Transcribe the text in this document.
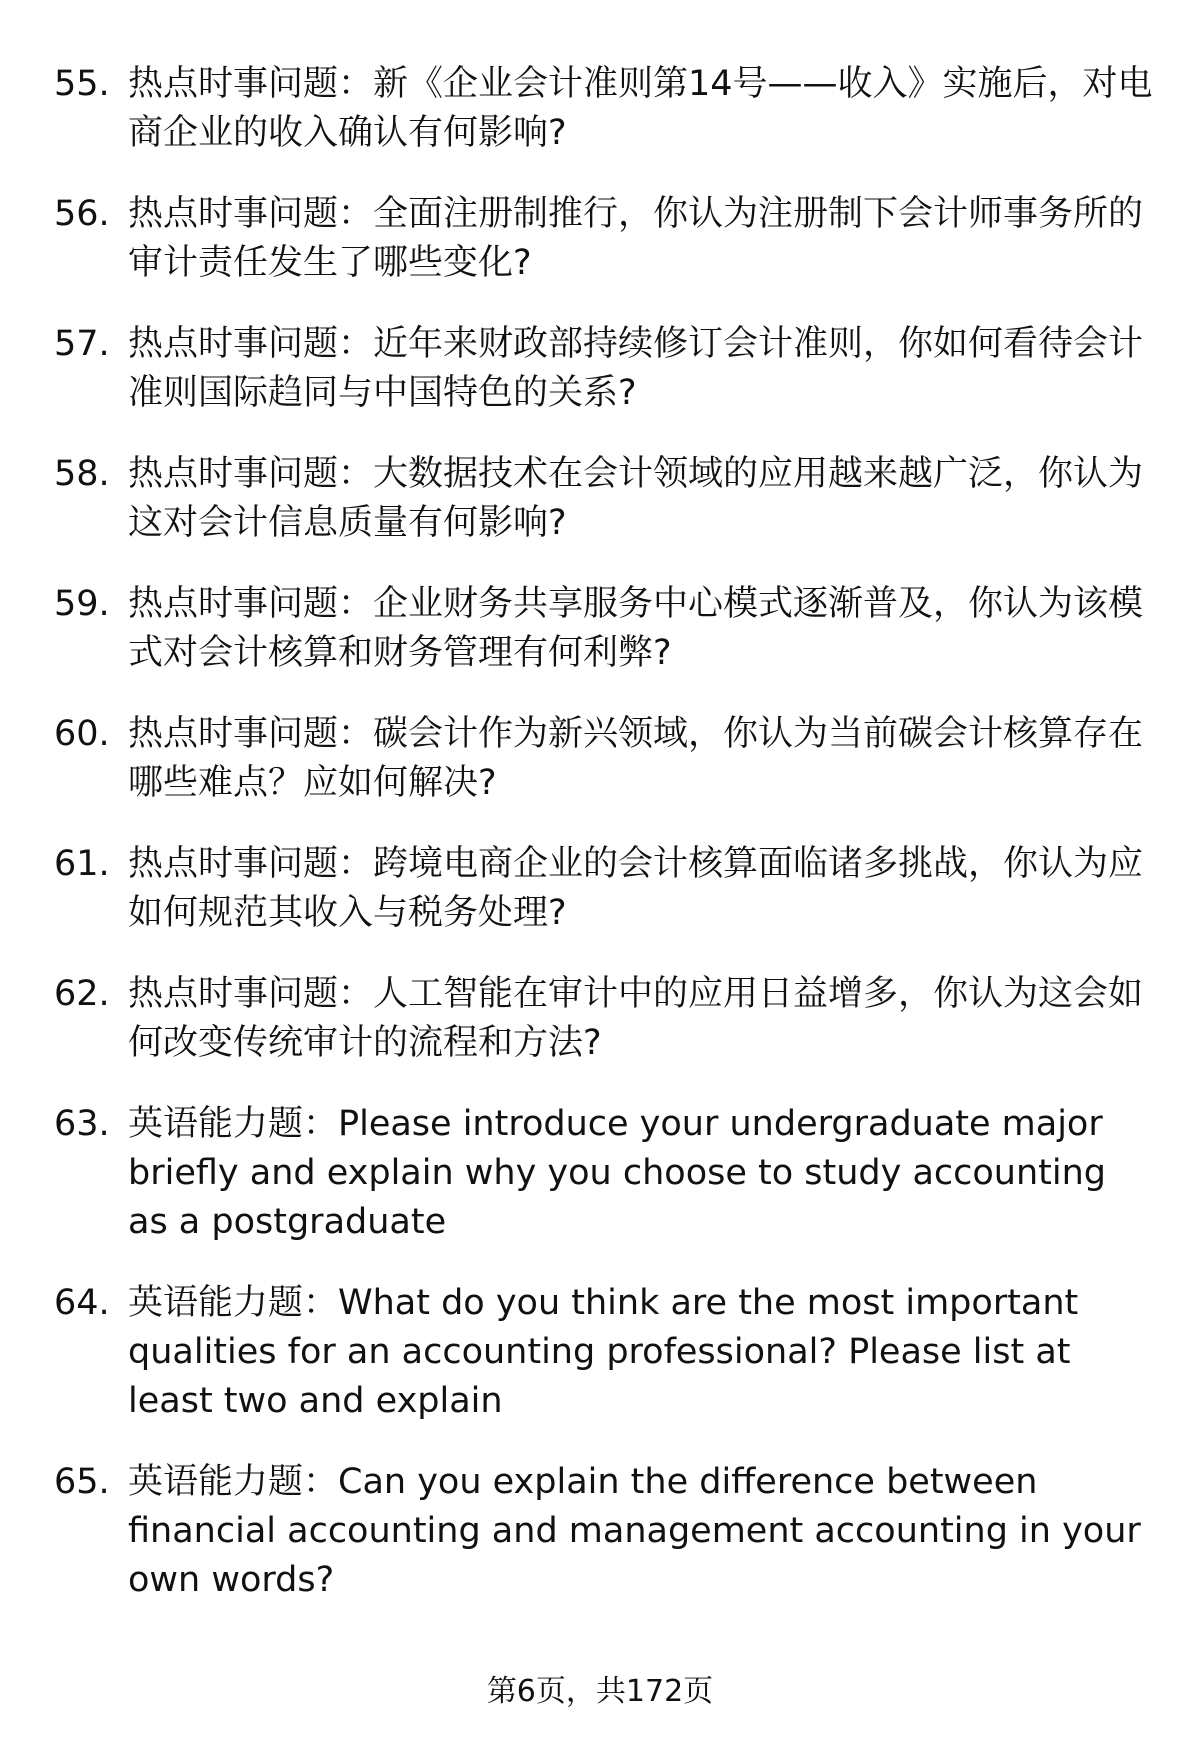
55. 热点时事问题：新《企业会计准则第14号——收入》实施后，对电商企业的收入确认有何影响?
56. 热点时事问题：全面注册制推行，你认为注册制下会计师事务所的审计责任发生了哪些变化?
57. 热点时事问题：近年来财政部持续修订会计准则，你如何看待会计准则国际趋同与中国特色的关系?
58. 热点时事问题：大数据技术在会计领域的应用越来越广泛，你认为这对会计信息质量有何影响?
59. 热点时事问题：企业财务共享服务中心模式逐渐普及，你认为该模式对会计核算和财务管理有何利弊?
60. 热点时事问题：碳会计作为新兴领域，你认为当前碳会计核算存在哪些难点？应如何解决?
61. 热点时事问题：跨境电商企业的会计核算面临诸多挑战，你认为应如何规范其收入与税务处理?
62. 热点时事问题：人工智能在审计中的应用日益增多，你认为这会如何改变传统审计的流程和方法?
63. 英语能力题：Please introduce your undergraduate major briefly and explain why you choose to study accounting as a postgraduate
64. 英语能力题：What do you think are the most important qualities for an accounting professional? Please list at least two and explain
65. 英语能力题：Can you explain the difference between financial accounting and management accounting in your own words?
第6页，共172页
